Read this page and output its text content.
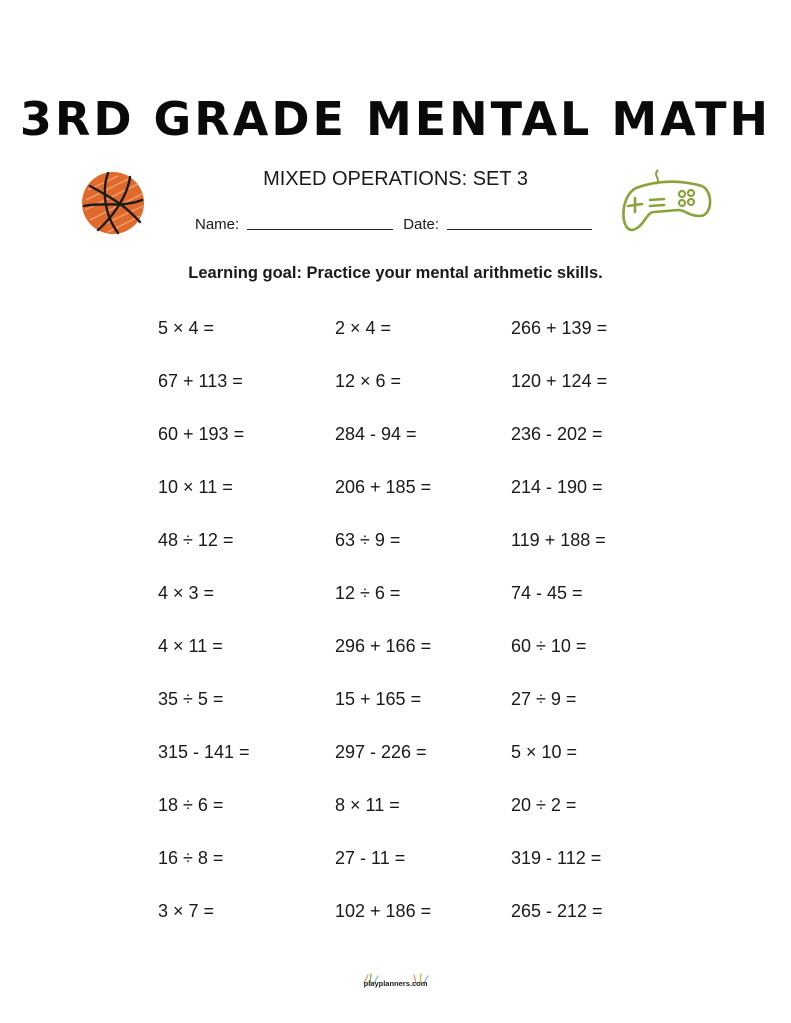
3RD GRADE MENTAL MATH
MIXED OPERATIONS: SET 3
Name:	Date:
Learning goal: Practice your mental arithmetic skills.
5 × 4 =	2 × 4 =	266 + 139 =
67 + 113 =	12 × 6 =	120 + 124 =
60 + 193 =	284 - 94 =	236 - 202 =
10 × 11 =	206 + 185 =	214 - 190 =
48 ÷ 12 =	63 ÷ 9 =	119 + 188 =
4 × 3 =	12 ÷ 6 =	74 - 45 =
4 × 11 =	296 + 166 =	60 ÷ 10 =
35 ÷ 5 =	15 + 165 =	27 ÷ 9 =
315 - 141 =	297 - 226 =	5 × 10 =
18 ÷ 6 =	8 × 11 =	20 ÷ 2 =
16 ÷ 8 =	27 - 11 =	319 - 112 =
3 × 7 =	102 + 186 =	265 - 212 =
playplanners.com
